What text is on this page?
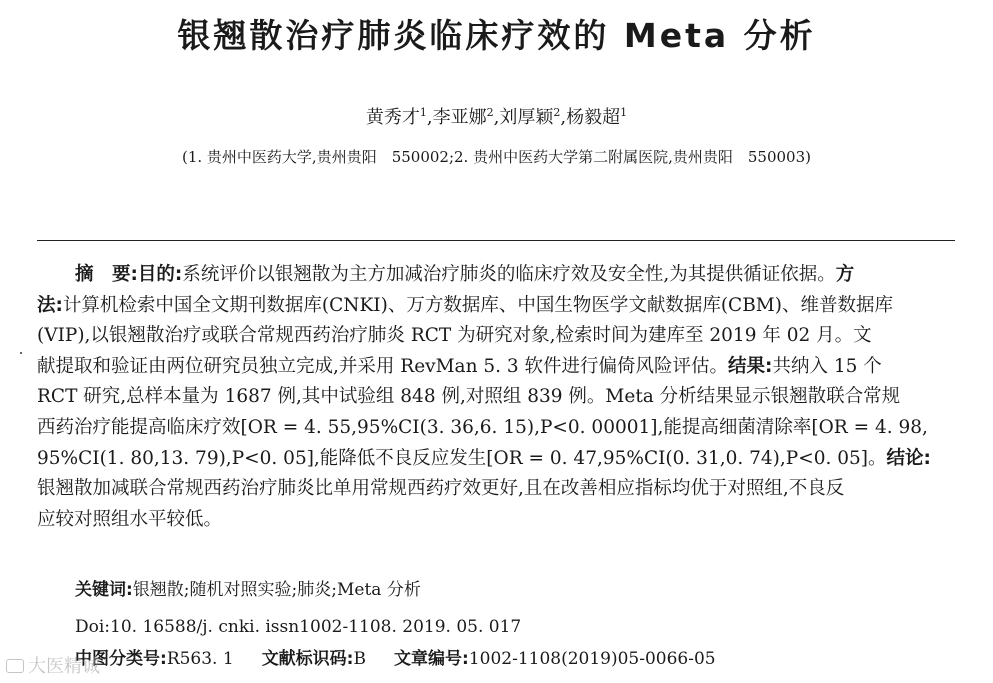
银翘散治疗肺炎临床疗效的 Meta 分析
黄秀才$^1$,李亚娜$^2$,刘厚颖$^2$,杨毅超$^1$
(1. 贵州中医药大学,贵州贵阳　550002;2. 贵州中医药大学第二附属医院,贵州贵阳　550003)
摘　要:目的:系统评价以银翘散为主方加减治疗肺炎的临床疗效及安全性,为其提供循证依据。方
法:计算机检索中国全文期刊数据库(CNKI)、万方数据库、中国生物医学文献数据库(CBM)、维普数据库
(VIP),以银翘散治疗或联合常规西药治疗肺炎 RCT 为研究对象,检索时间为建库至 2019 年 02 月。文
献提取和验证由两位研究员独立完成,并采用 RevMan 5. 3 软件进行偏倚风险评估。结果:共纳入 15 个
RCT 研究,总样本量为 1687 例,其中试验组 848 例,对照组 839 例。Meta 分析结果显示银翘散联合常规
西药治疗能提高临床疗效[OR = 4. 55,95%CI(3. 36,6. 15),P<0. 00001],能提高细菌清除率[OR = 4. 98,
95%CI(1. 80,13. 79),P<0. 05],能降低不良反应发生[OR = 0. 47,95%CI(0. 31,0. 74),P<0. 05]。结论:
银翘散加减联合常规西药治疗肺炎比单用常规西药疗效更好,且在改善相应指标均优于对照组,不良反
应较对照组水平较低。
关键词:银翘散;随机对照实验;肺炎;Meta 分析
Doi:10. 16588/j. cnki. issn1002-1108. 2019. 05. 017
中图分类号:R563. 1 文献标识码:B 文章编号:1002-1108(2019)05-0066-05
大医精诚
